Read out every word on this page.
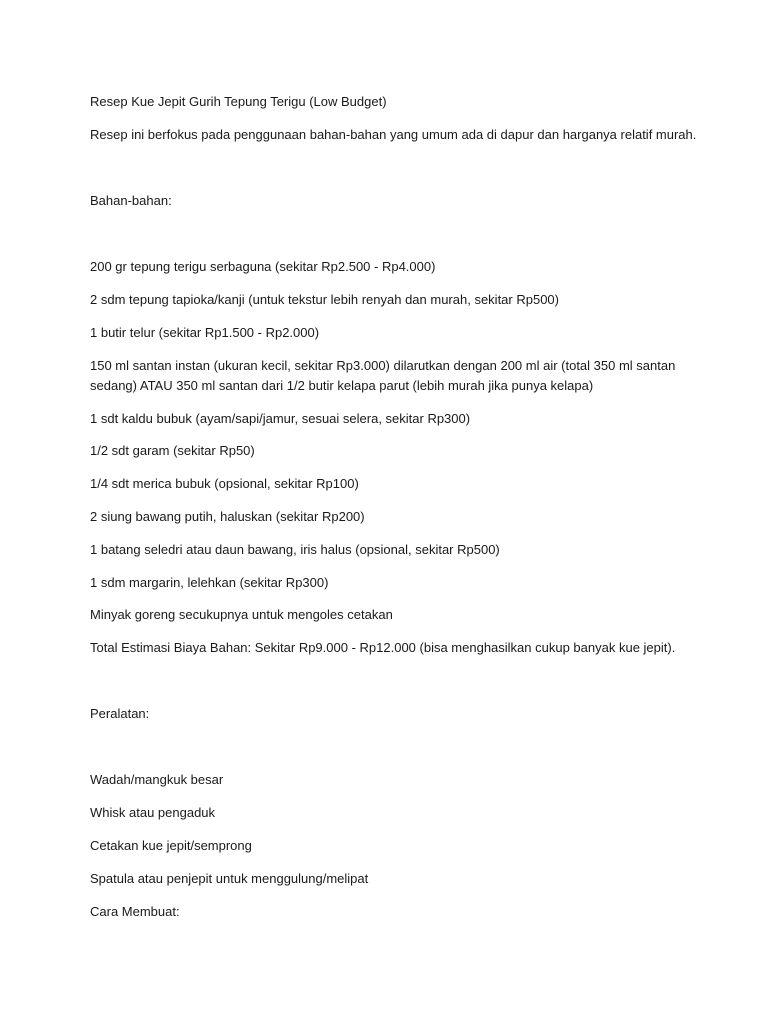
Resep Kue Jepit Gurih Tepung Terigu (Low Budget)
Resep ini berfokus pada penggunaan bahan-bahan yang umum ada di dapur dan harganya relatif murah.
Bahan-bahan:
200 gr tepung terigu serbaguna (sekitar Rp2.500 - Rp4.000)
2 sdm tepung tapioka/kanji (untuk tekstur lebih renyah dan murah, sekitar Rp500)
1 butir telur (sekitar Rp1.500 - Rp2.000)
150 ml santan instan (ukuran kecil, sekitar Rp3.000) dilarutkan dengan 200 ml air (total 350 ml santan sedang) ATAU 350 ml santan dari 1/2 butir kelapa parut (lebih murah jika punya kelapa)
1 sdt kaldu bubuk (ayam/sapi/jamur, sesuai selera, sekitar Rp300)
1/2 sdt garam (sekitar Rp50)
1/4 sdt merica bubuk (opsional, sekitar Rp100)
2 siung bawang putih, haluskan (sekitar Rp200)
1 batang seledri atau daun bawang, iris halus (opsional, sekitar Rp500)
1 sdm margarin, lelehkan (sekitar Rp300)
Minyak goreng secukupnya untuk mengoles cetakan
Total Estimasi Biaya Bahan: Sekitar Rp9.000 - Rp12.000 (bisa menghasilkan cukup banyak kue jepit).
Peralatan:
Wadah/mangkuk besar
Whisk atau pengaduk
Cetakan kue jepit/semprong
Spatula atau penjepit untuk menggulung/melipat
Cara Membuat:
